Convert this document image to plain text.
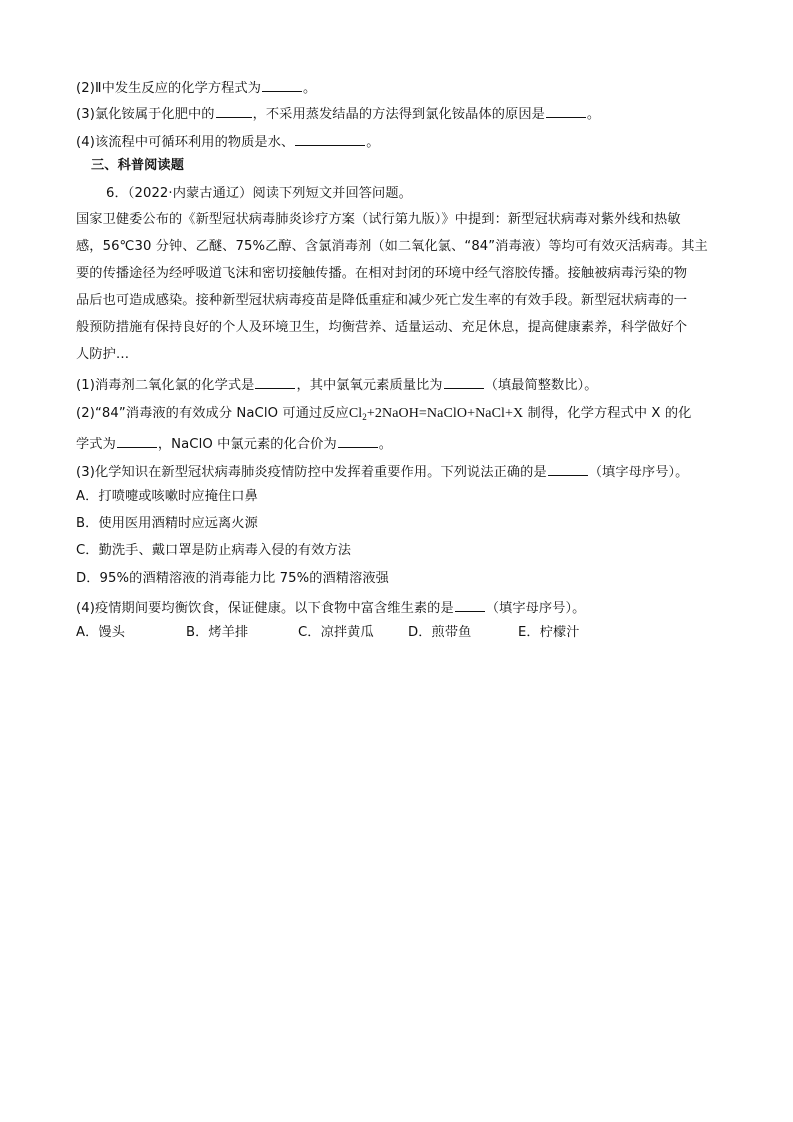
(2)Ⅱ中发生反应的化学方程式为	。
(3)氯化铵属于化肥中的	，不采用蒸发结晶的方法得到氯化铵晶体的原因是	。
(4)该流程中可循环利用的物质是水、	。
三、科普阅读题
6．（2022·内蒙古通辽）阅读下列短文并回答问题。
国家卫健委公布的《新型冠状病毒肺炎诊疗方案（试行第九版）》中提到：新型冠状病毒对紫外线和热敏
感，56℃30 分钟、乙醚、75%乙醇、含氯消毒剂（如二氧化氯、“84”消毒液）等均可有效灭活病毒。其主
要的传播途径为经呼吸道飞沫和密切接触传播。在相对封闭的环境中经气溶胶传播。接触被病毒污染的物
品后也可造成感染。接种新型冠状病毒疫苗是降低重症和减少死亡发生率的有效手段。新型冠状病毒的一
般预防措施有保持良好的个人及环境卫生，均衡营养、适量运动、充足休息，提高健康素养，科学做好个
人防护…
(1)消毒剂二氧化氯的化学式是	，其中氯氧元素质量比为	（填最简整数比）。
(2)“84”消毒液的有效成分 NaClO 可通过反应$Cl_2+2NaOH=NaClO+NaCl+X$ 制得，化学方程式中 X 的化
学式为	，NaClO 中氯元素的化合价为	。
(3)化学知识在新型冠状病毒肺炎疫情防控中发挥着重要作用。下列说法正确的是	（填字母序号）。
A．打喷嚏或咳嗽时应掩住口鼻
B．使用医用酒精时应远离火源
C．勤洗手、戴口罩是防止病毒入侵的有效方法
D．95%的酒精溶液的消毒能力比 75%的酒精溶液强
(4)疫情期间要均衡饮食，保证健康。以下食物中富含维生素的是 （填字母序号）。
A．馒头	B．烤羊排	C．凉拌黄瓜	D．煎带鱼	E．柠檬汁
